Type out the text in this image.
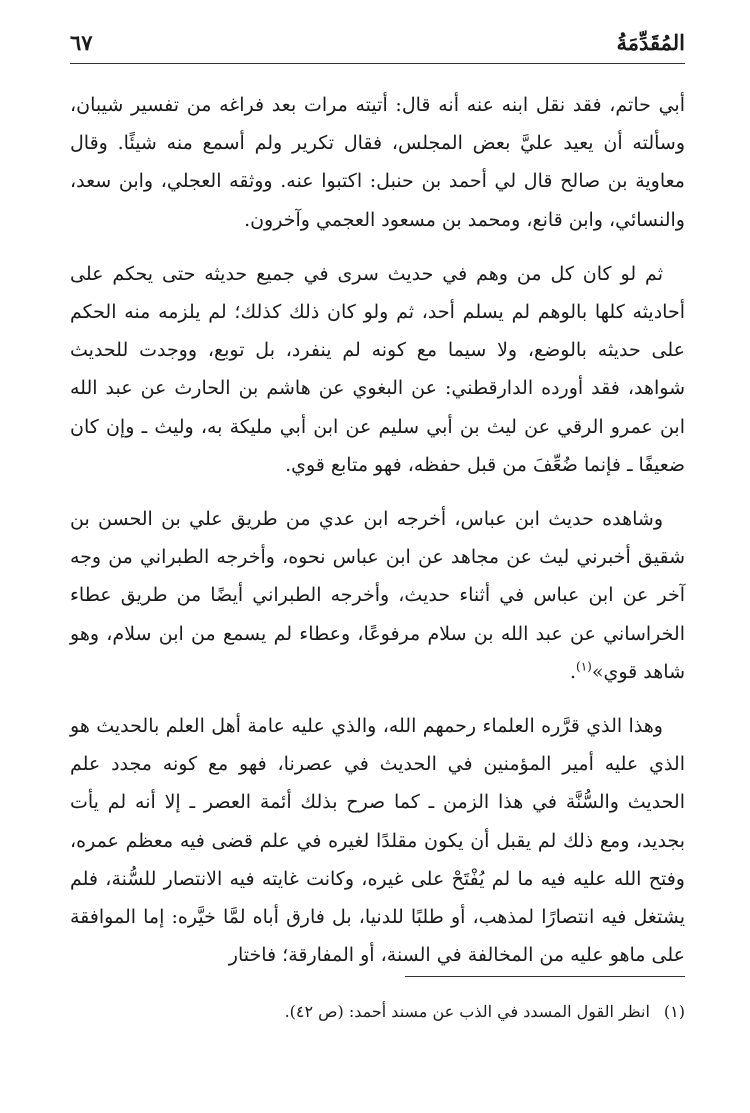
المُقَدِّمَةُ
٦٧

أبي حاتم، فقد نقل ابنه عنه أنه قال: أتيته مرات بعد فراغه من تفسير شيبان، وسألته أن يعيد عليَّ بعض المجلس، فقال تكرير ولم أسمع منه شيئًا. وقال معاوية بن صالح قال لي أحمد بن حنبل: اكتبوا عنه. ووثقه العجلي، وابن سعد، والنسائي، وابن قانع، ومحمد بن مسعود العجمي وآخرون.

ثم لو كان كل من وهم في حديث سرى في جميع حديثه حتى يحكم على أحاديثه كلها بالوهم لم يسلم أحد، ثم ولو كان ذلك كذلك؛ لم يلزمه منه الحكم على حديثه بالوضع، ولا سيما مع كونه لم ينفرد، بل توبع، ووجدت للحديث شواهد، فقد أورده الدارقطني: عن البغوي عن هاشم بن الحارث عن عبد الله ابن عمرو الرقي عن ليث بن أبي سليم عن ابن أبي مليكة به، وليث ـ وإن كان ضعيفًا ـ فإنما ضُعِّفَ من قبل حفظه، فهو متابع قوي.

وشاهده حديث ابن عباس، أخرجه ابن عدي من طريق علي بن الحسن بن شقيق أخبرني ليث عن مجاهد عن ابن عباس نحوه، وأخرجه الطبراني من وجه آخر عن ابن عباس في أثناء حديث، وأخرجه الطبراني أيضًا من طريق عطاء الخراساني عن عبد الله بن سلام مرفوعًا، وعطاء لم يسمع من ابن سلام، وهو شاهد قوي»$^{(١)}$.

وهذا الذي قرَّره العلماء رحمهم الله، والذي عليه عامة أهل العلم بالحديث هو الذي عليه أمير المؤمنين في الحديث في عصرنا، فهو مع كونه مجدد علم الحديث والسُّنَّة في هذا الزمن ـ كما صرح بذلك أئمة العصر ـ إلا أنه لم يأت بجديد، ومع ذلك لم يقبل أن يكون مقلدًا لغيره في علم قضى فيه معظم عمره، وفتح الله عليه فيه ما لم يُفْتَحْ على غيره، وكانت غايته فيه الانتصار للسُّنة، فلم يشتغل فيه انتصارًا لمذهب، أو طلبًا للدنيا، بل فارق أباه لمَّا خيَّره: إما الموافقة على ماهو عليه من المخالفة في السنة، أو المفارقة؛ فاختار

(١)انظر القول المسدد في الذب عن مسند أحمد: (ص ٤٢).
